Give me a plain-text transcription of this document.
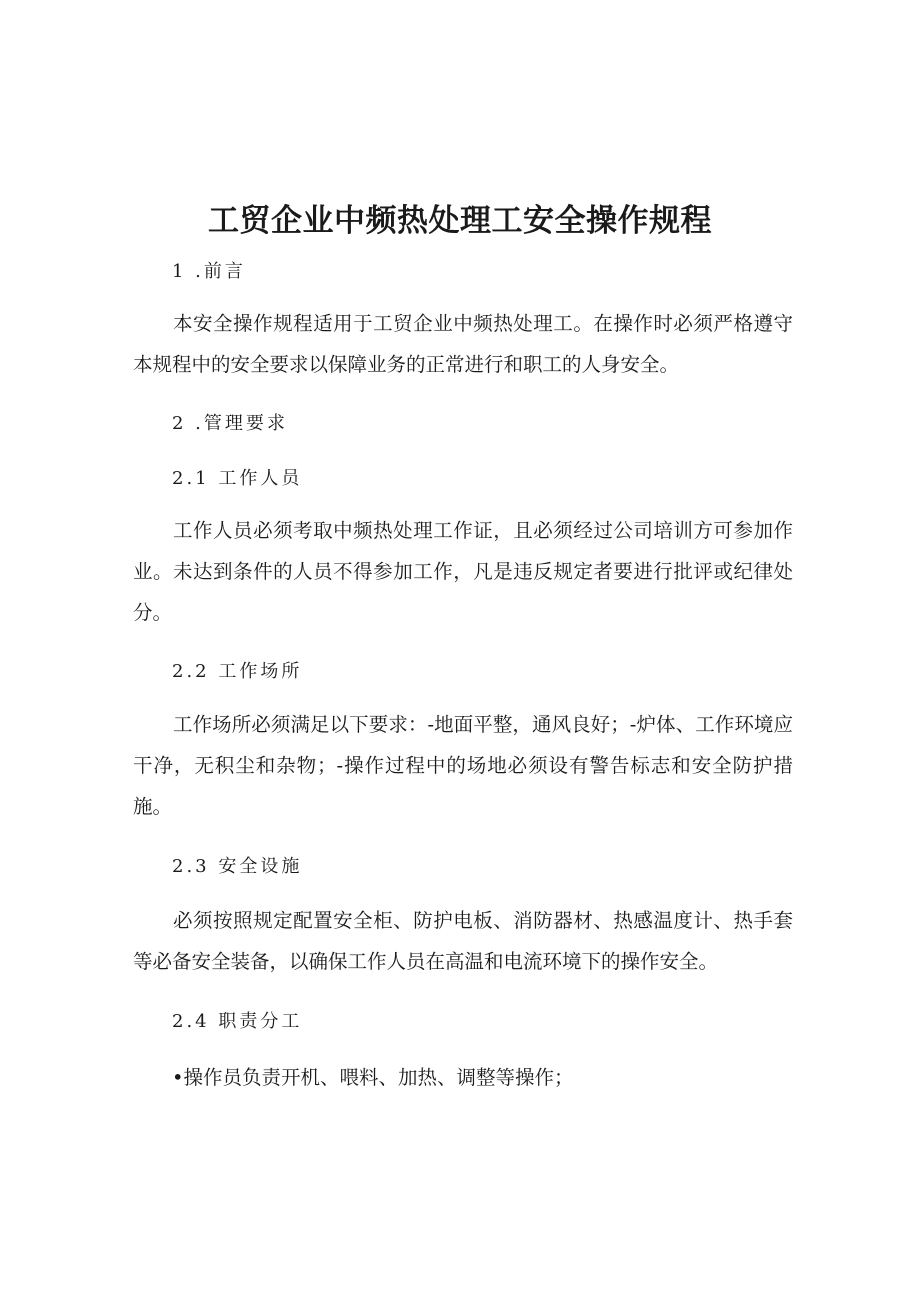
工贸企业中频热处理工安全操作规程

1 .前言

本安全操作规程适用于工贸企业中频热处理工。在操作时必须严格遵守本规程中的安全要求以保障业务的正常进行和职工的人身安全。

2 .管理要求

2.1 工作人员

工作人员必须考取中频热处理工作证，且必须经过公司培训方可参加作业。未达到条件的人员不得参加工作，凡是违反规定者要进行批评或纪律处分。

2.2 工作场所

工作场所必须满足以下要求：-地面平整，通风良好；-炉体、工作环境应干净，无积尘和杂物；-操作过程中的场地必须设有警告标志和安全防护措施。

2.3 安全设施

必须按照规定配置安全柜、防护电板、消防器材、热感温度计、热手套等必备安全装备，以确保工作人员在高温和电流环境下的操作安全。

2.4 职责分工

•操作员负责开机、喂料、加热、调整等操作；
